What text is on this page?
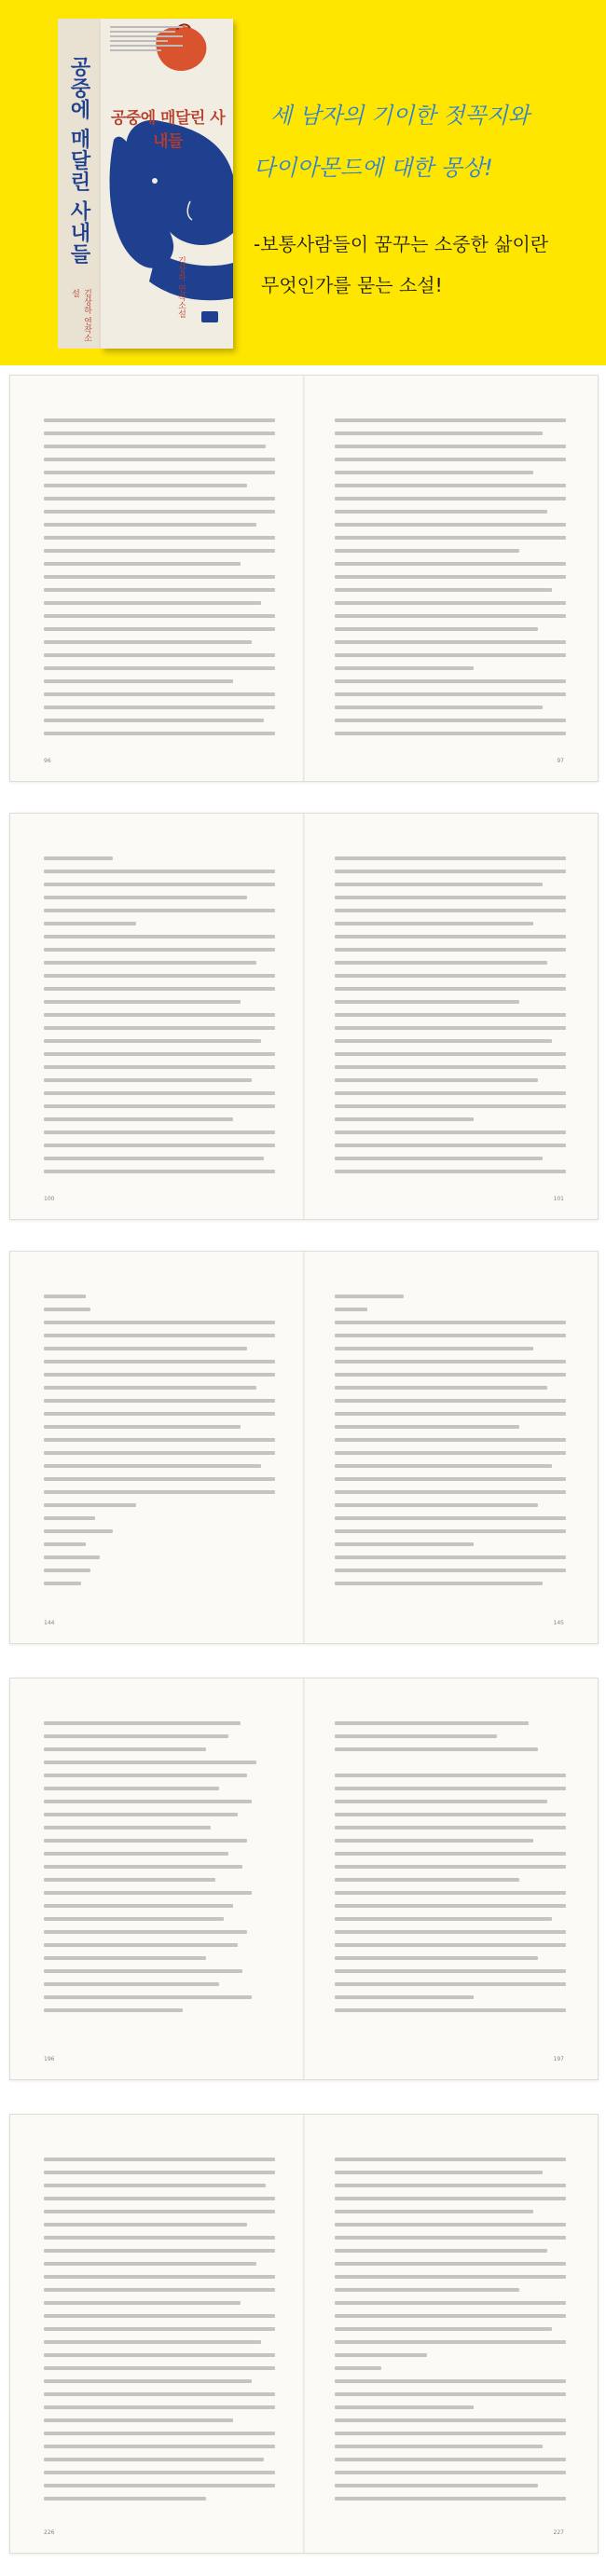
공중에 매달린 사내들
김상하 연작소설
공중에 매달린 사내들
김상하 연작소설
세 남자의 기이한 젓꼭지와
다이아몬드에 대한 몽상!
-보통사람들이 꿈꾸는 소중한 삶이란
무엇인가를 묻는 소설!
96	97
100	101
144	145
196	197
226	227
